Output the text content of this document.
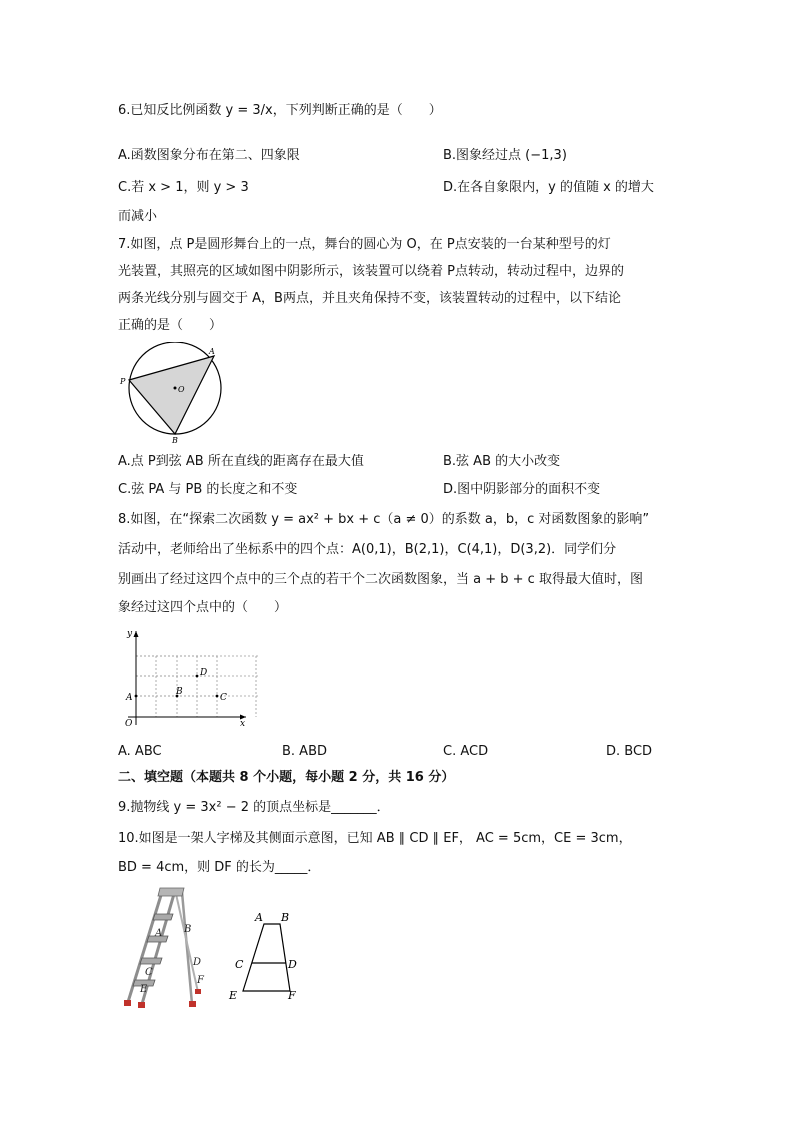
6.已知反比例函数 y = 3/x，下列判断正确的是（　　）
A.函数图象分布在第二、四象限	B.图象经过点 (−1,3)
C.若 x > 1，则 y > 3	D.在各自象限内，y 的值随 x 的增大
而减小
7.如图，点 P是圆形舞台上的一点，舞台的圆心为 O，在 P点安装的一台某种型号的灯
光装置，其照亮的区域如图中阴影所示，该装置可以绕着 P点转动，转动过程中，边界的
两条光线分别与圆交于 A，B两点，并且夹角保持不变，该装置转动的过程中，以下结论
正确的是（　　）
A
B
P
O
A.点 P到弦 AB 所在直线的距离存在最大值	B.弦 AB 的大小改变
C.弦 PA 与 PB 的长度之和不变	D.图中阴影部分的面积不变
8.如图，在“探索二次函数 y = ax² + bx + c（a ≠ 0）的系数 a，b，c 对函数图象的影响”
活动中，老师给出了坐标系中的四个点：A(0,1)，B(2,1)，C(4,1)，D(3,2)．同学们分
别画出了经过这四个点中的三个点的若干个二次函数图象，当 a + b + c 取得最大值时，图
象经过这四个点中的（　　）
x
y
O
A
B
C
D
A. ABC	B. ABD	C. ACD	D. BCD
二、填空题（本题共 8 个小题，每小题 2 分，共 16 分）
9.抛物线 y = 3x² − 2 的顶点坐标是_______．
10.如图是一架人字梯及其侧面示意图，已知 AB ∥ CD ∥ EF， AC = 5cm，CE = 3cm，
BD = 4cm，则 DF 的长为_____．
A B
C
D
E
F
A B
C	D
E	F
